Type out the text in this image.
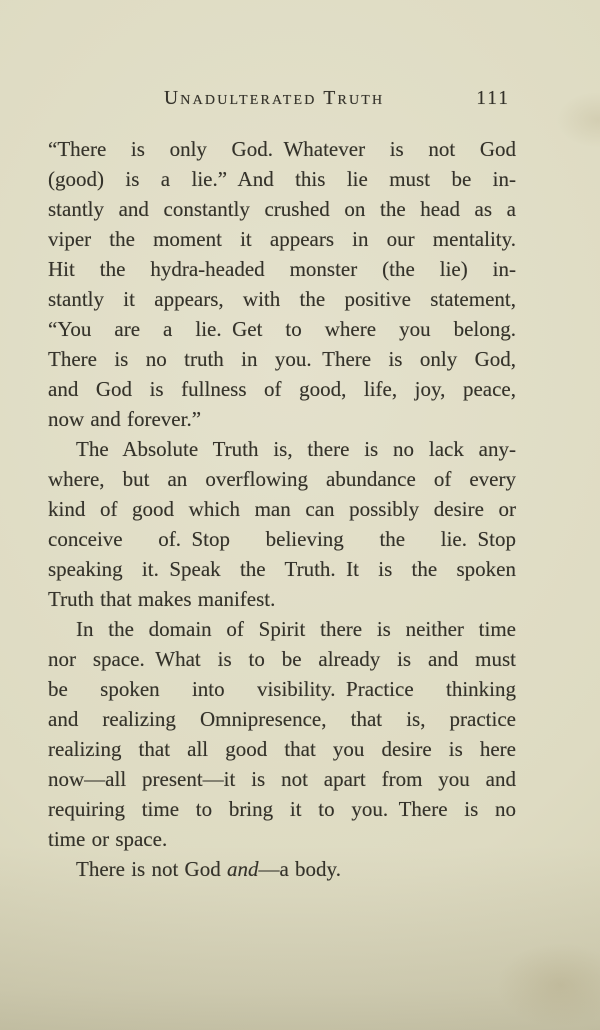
Unadulterated Truth	111
“There is only God. Whatever is not God
(good) is a lie.” And this lie must be in-
stantly and constantly crushed on the head as a
viper the moment it appears in our mentality.
Hit the hydra-headed monster (the lie) in-
stantly it appears, with the positive statement,
“You are a lie. Get to where you belong.
There is no truth in you. There is only God,
and God is fullness of good, life, joy, peace,
now and forever.”
The Absolute Truth is, there is no lack any-
where, but an overflowing abundance of every
kind of good which man can possibly desire or
conceive of. Stop believing the lie. Stop
speaking it. Speak the Truth. It is the spoken
Truth that makes manifest.
In the domain of Spirit there is neither time
nor space. What is to be already is and must
be spoken into visibility. Practice thinking
and realizing Omnipresence, that is, practice
realizing that all good that you desire is here
now—all present—it is not apart from you and
requiring time to bring it to you. There is no
time or space.
There is not God and—a body.
